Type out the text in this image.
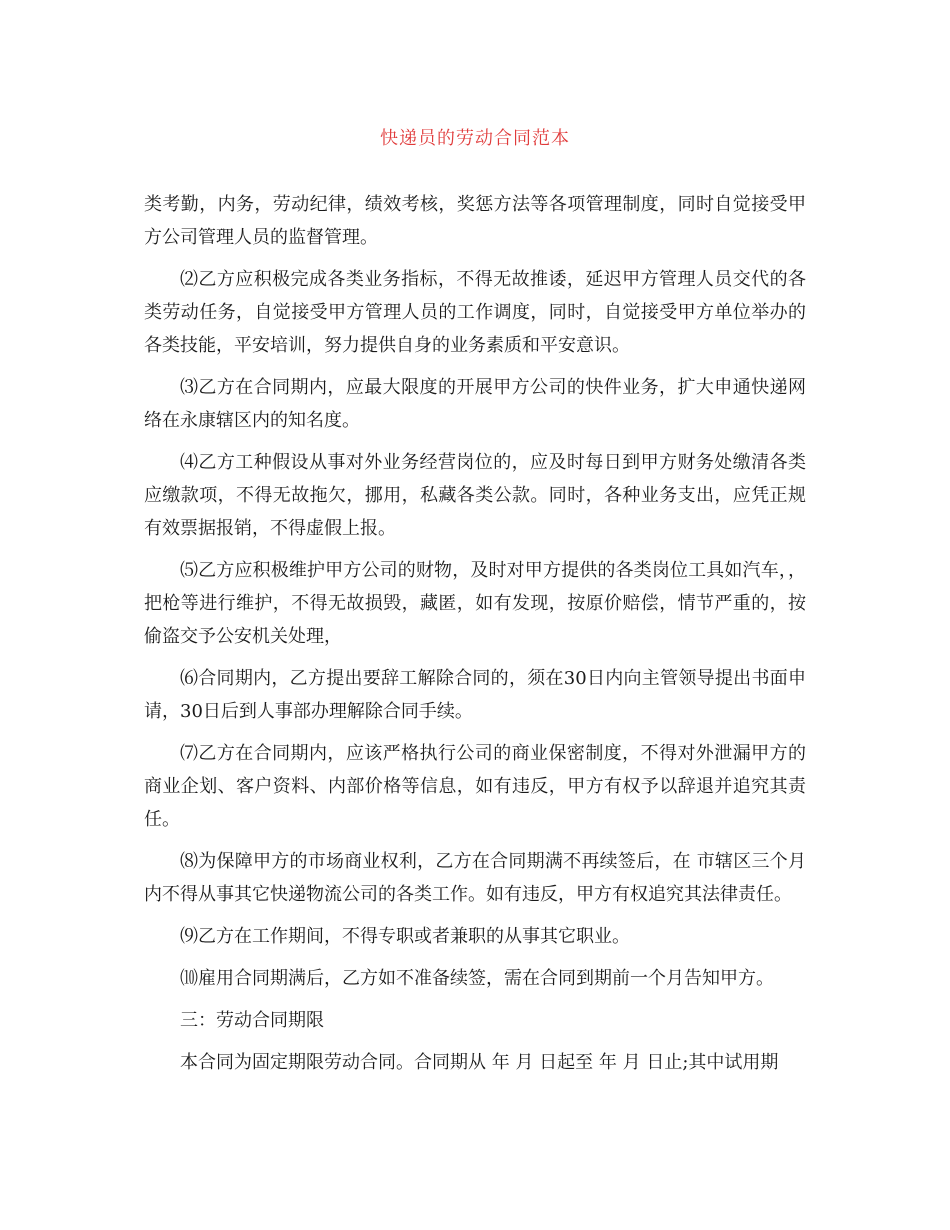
快递员的劳动合同范本

类考勤，内务，劳动纪律，绩效考核，奖惩方法等各项管理制度，同时自觉接受甲方公司管理人员的监督管理。

⑵乙方应积极完成各类业务指标，不得无故推诿，延迟甲方管理人员交代的各类劳动任务，自觉接受甲方管理人员的工作调度，同时，自觉接受甲方单位举办的各类技能，平安培训，努力提供自身的业务素质和平安意识。

⑶乙方在合同期内，应最大限度的开展甲方公司的快件业务，扩大申通快递网络在永康辖区内的知名度。

⑷乙方工种假设从事对外业务经营岗位的，应及时每日到甲方财务处缴清各类应缴款项，不得无故拖欠，挪用，私藏各类公款。同时，各种业务支出，应凭正规有效票据报销，不得虚假上报。

⑸乙方应积极维护甲方公司的财物，及时对甲方提供的各类岗位工具如汽车，，把枪等进行维护，不得无故损毁，藏匿，如有发现，按原价赔偿，情节严重的，按偷盗交予公安机关处理，

⑹合同期内，乙方提出要辞工解除合同的，须在30日内向主管领导提出书面申请，30日后到人事部办理解除合同手续。

⑺乙方在合同期内，应该严格执行公司的商业保密制度，不得对外泄漏甲方的商业企划、客户资料、内部价格等信息，如有违反，甲方有权予以辞退并追究其责任。

⑻为保障甲方的市场商业权利，乙方在合同期满不再续签后，在 市辖区三个月内不得从事其它快递物流公司的各类工作。如有违反，甲方有权追究其法律责任。

⑼乙方在工作期间，不得专职或者兼职的从事其它职业。

⑽雇用合同期满后，乙方如不准备续签，需在合同到期前一个月告知甲方。

三：劳动合同期限

本合同为固定期限劳动合同。合同期从 年 月 日起至 年 月 日止;其中试用期
